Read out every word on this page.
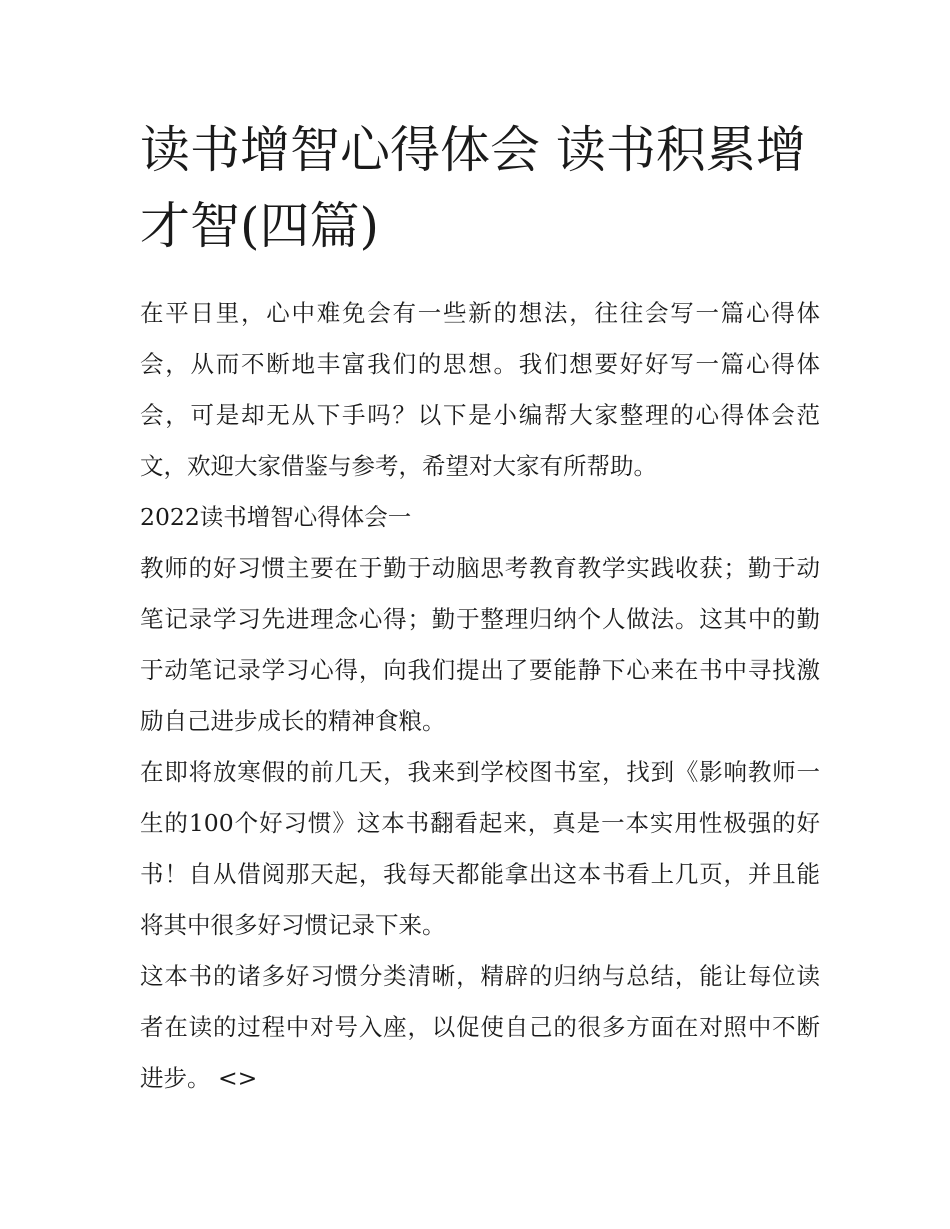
读书增智心得体会 读书积累增才智(四篇)

在平日里，心中难免会有一些新的想法，往往会写一篇心得体会，从而不断地丰富我们的思想。我们想要好好写一篇心得体会，可是却无从下手吗？以下是小编帮大家整理的心得体会范文，欢迎大家借鉴与参考，希望对大家有所帮助。

2022读书增智心得体会一

教师的好习惯主要在于勤于动脑思考教育教学实践收获；勤于动笔记录学习先进理念心得；勤于整理归纳个人做法。这其中的勤于动笔记录学习心得，向我们提出了要能静下心来在书中寻找激励自己进步成长的精神食粮。

在即将放寒假的前几天，我来到学校图书室，找到《影响教师一生的100个好习惯》这本书翻看起来，真是一本实用性极强的好书！自从借阅那天起，我每天都能拿出这本书看上几页，并且能将其中很多好习惯记录下来。

这本书的诸多好习惯分类清晰，精辟的归纳与总结，能让每位读者在读的过程中对号入座，以促使自己的很多方面在对照中不断进步。 <>
